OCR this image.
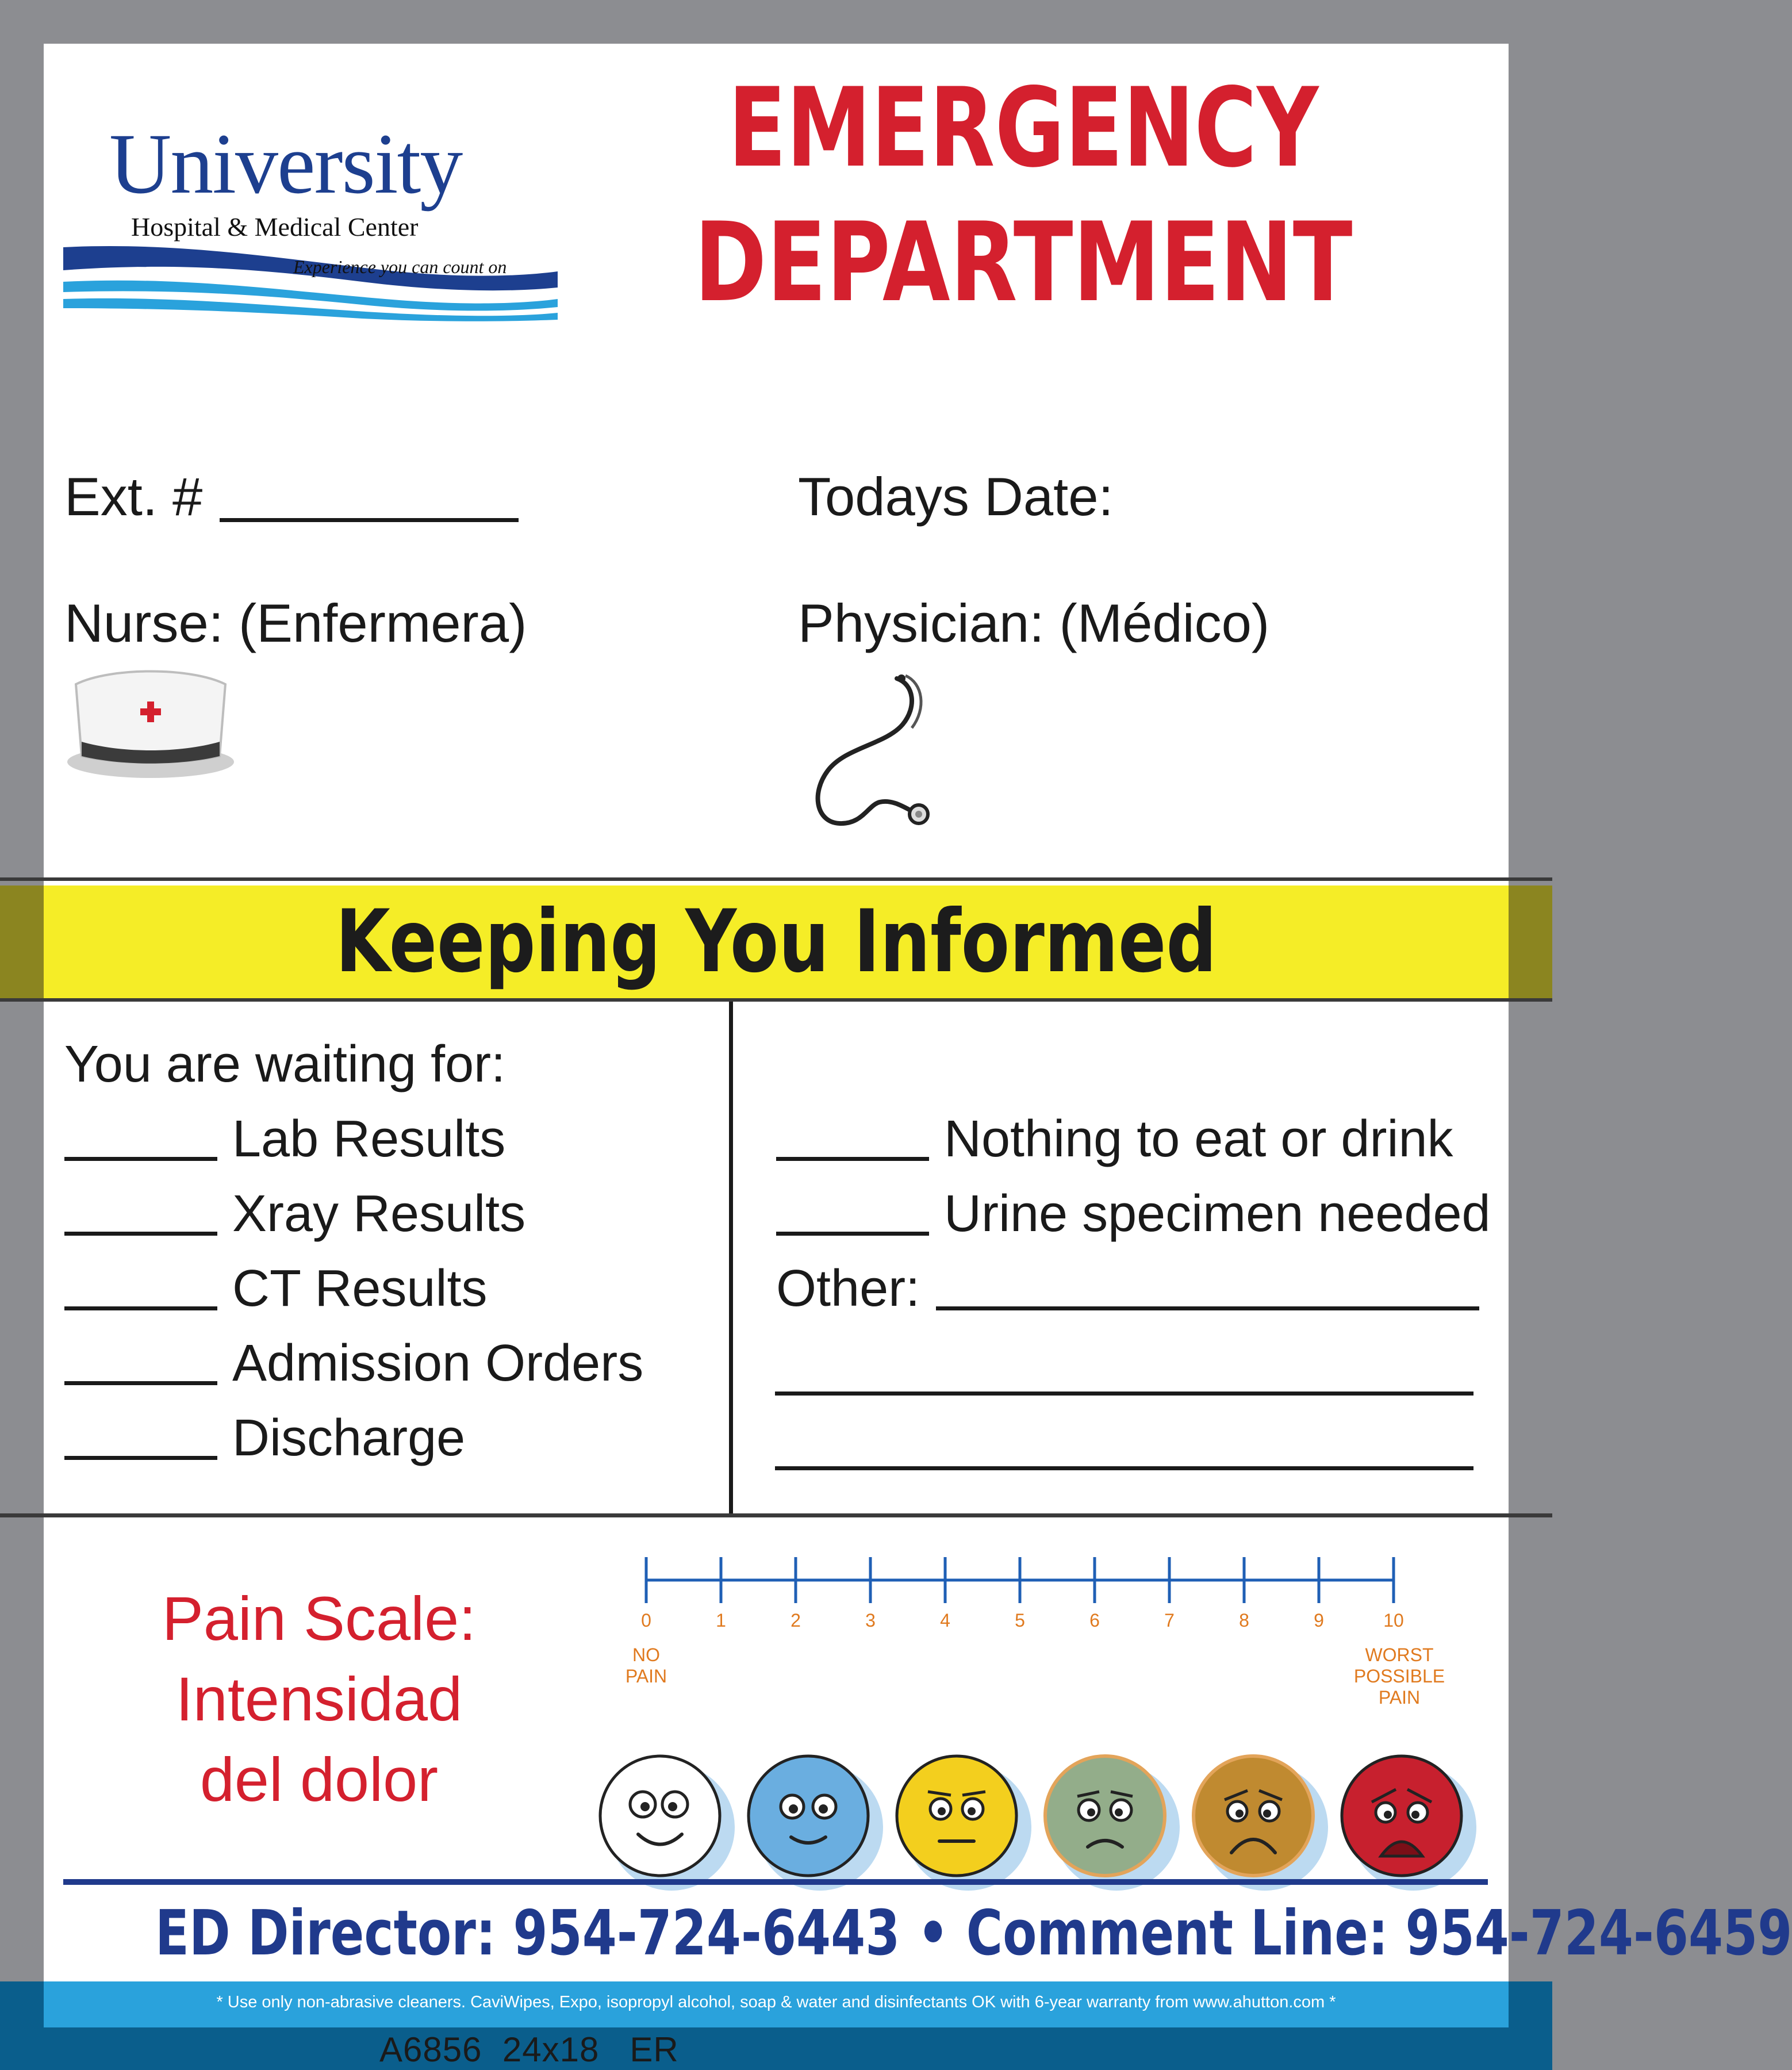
University
Hospital & Medical Center
Experience you can count on
EMERGENCY
DEPARTMENT
Ext. #	Todays Date:
Nurse: (Enfermera)	Physician: (Médico)
Keeping You Informed
You are waiting for:
Lab Results
Xray Results
CT Results
Admission Orders
Discharge
Nothing to eat or drink
Urine specimen needed
Other:
Pain Scale:
Intensidad
del dolor
0	1	2	3	4	5	6	7	8	9	10
NO
PAIN
WORST
POSSIBLE
PAIN
ED Director: 954-724-6443 • Comment Line: 954-724-6459
* Use only non-abrasive cleaners. CaviWipes, Expo, isopropyl alcohol, soap & water and disinfectants OK with 6-year warranty from www.ahutton.com *
A6856  24x18   ER
